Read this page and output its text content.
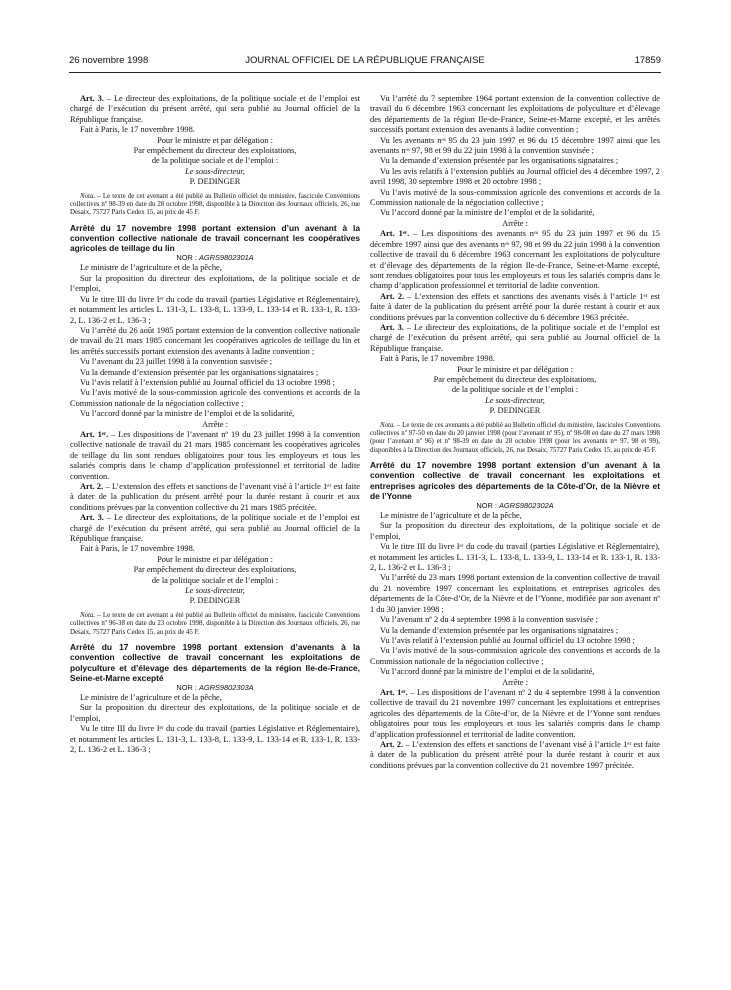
26 novembre 1998	JOURNAL OFFICIEL DE LA RÉPUBLIQUE FRANÇAISE	17859

Art. 3. – Le directeur des exploitations, de la politique sociale et de l’emploi est chargé de l’exécution du présent arrêté, qui sera publié au Journal officiel de la République française.

Fait à Paris, le 17 novembre 1998.

Pour le ministre et par délégation :

Par empêchement du directeur des exploitations,

de la politique sociale et de l’emploi :

Le sous-directeur,

P. DEDINGER

Nota. – Le texte de cet avenant a été publié au Bulletin officiel du ministère, fascicule Conventions collectives nº 98-39 en date du 28 octobre 1998, disponible à la Direction des Journaux officiels, 26, rue Desaix, 75727 Paris Cedex 15, au prix de 45 F.

Arrêté du 17 novembre 1998 portant extension d’un avenant à la convention collective nationale de travail concernant les coopératives agricoles de teillage du lin

NOR : AGRS9802301A

Le ministre de l’agriculture et de la pêche,

Sur la proposition du directeur des exploitations, de la politique sociale et de l’emploi,

Vu le titre III du livre Iᵉʳ du code du travail (parties Législative et Réglementaire), et notamment les articles L. 131-3, L. 133-8, L. 133-9, L. 133-14 et R. 133-1, R. 133-2, L. 136-2 et L. 136-3 ;

Vu l’arrêté du 26 août 1985 portant extension de la convention collective nationale de travail du 21 mars 1985 concernant les coopératives agricoles de teillage du lin et les arrêtés successifs portant extension des avenants à ladite convention ;

Vu l’avenant du 23 juillet 1998 à la convention susvisée ;

Vu la demande d’extension présentée par les organisations signataires ;

Vu l’avis relatif à l’extension publié au Journal officiel du 13 octobre 1998 ;

Vu l’avis motivé de la sous-commission agricole des conventions et accords de la Commission nationale de la négociation collective ;

Vu l’accord donné par la ministre de l’emploi et de la solidarité,

Arrête :

Art. 1ᵉʳ. – Les dispositions de l’avenant nº 19 du 23 juillet 1998 à la convention collective nationale de travail du 21 mars 1985 concernant les coopératives agricoles de teillage du lin sont rendues obligatoires pour tous les employeurs et tous les salariés compris dans le champ d’application professionnel et territorial de ladite convention.

Art. 2. – L’extension des effets et sanctions de l’avenant visé à l’article 1ᵉʳ est faite à dater de la publication du présent arrêté pour la durée restant à courir et aux conditions prévues par la convention collective du 21 mars 1985 précitée.

Art. 3. – Le directeur des exploitations, de la politique sociale et de l’emploi est chargé de l’exécution du présent arrêté, qui sera publié au Journal officiel de la République française.

Fait à Paris, le 17 novembre 1998.

Pour le ministre et par délégation :

Par empêchement du directeur des exploitations,

de la politique sociale et de l’emploi :

Le sous-directeur,

P. DEDINGER

Nota. – Le texte de cet avenant a été publié au Bulletin officiel du ministère, fascicule Conventions collectives nº 96-38 en date du 23 octobre 1998, disponible à la Direction des Journaux officiels, 26, rue Desaix, 75727 Paris Cedex 15, au prix de 45 F.

Arrêté du 17 novembre 1998 portant extension d’avenants à la convention collective de travail concernant les exploitations de polyculture et d’élevage des départements de la région Ile-de-France, Seine-et-Marne excepté

NOR : AGRS9802303A

Le ministre de l’agriculture et de la pêche,

Sur la proposition du directeur des exploitations, de la politique sociale et de l’emploi,

Vu le titre III du livre Iᵉʳ du code du travail (parties Législative et Réglementaire), et notamment les articles L. 131-3, L. 133-8, L. 133-9, L. 133-14 et R. 133-1, R. 133-2, L. 136-2 et L. 136-3 ;

Vu l’arrêté du 7 septembre 1964 portant extension de la convention collective de travail du 6 décembre 1963 concernant les exploitations de polyculture et d’élevage des départements de la région Ile-de-France, Seine-et-Marne excepté, et les arrêtés successifs portant extension des avenants à ladite convention ;

Vu les avenants nᵒˢ 95 du 23 juin 1997 et 96 du 15 décembre 1997 ainsi que les avenants nᵒˢ 97, 98 et 99 du 22 juin 1998 à la convention susvisée ;

Vu la demande d’extension présentée par les organisations signataires ;

Vu les avis relatifs à l’extension publiés au Journal officiel des 4 décembre 1997, 2 avril 1998, 30 septembre 1998 et 20 octobre 1998 ;

Vu l’avis motivé de la sous-commission agricole des conventions et accords de la Commission nationale de la négociation collective ;

Vu l’accord donné par la ministre de l’emploi et de la solidarité,

Arrête :

Art. 1ᵉʳ. – Les dispositions des avenants nᵒˢ 95 du 23 juin 1997 et 96 du 15 décembre 1997 ainsi que des avenants nᵒˢ 97, 98 et 99 du 22 juin 1998 à la convention collective de travail du 6 décembre 1963 concernant les exploitations de polyculture et d’élevage des départements de la région Ile-de-France, Seine-et-Marne excepté, sont rendues obligatoires pour tous les employeurs et tous les salariés compris dans le champ d’application professionnel et territorial de ladite convention.

Art. 2. – L’extension des effets et sanctions des avenants visés à l’article 1ᵉʳ est faite à dater de la publication du présent arrêté pour la durée restant à courir et aux conditions prévues par la convention collective du 6 décembre 1963 précitée.

Art. 3. – Le directeur des exploitations, de la politique sociale et de l’emploi est chargé de l’exécution du présent arrêté, qui sera publié au Journal officiel de la République française.

Fait à Paris, le 17 novembre 1998.

Pour le ministre et par délégation :

Par empêchement du directeur des exploitations,

de la politique sociale et de l’emploi :

Le sous-directeur,

P. DEDINGER

Nota. – Le texte de ces avenants a été publié au Bulletin officiel du ministère, fascicules Conventions collectives nº 97-50 en date du 20 janvier 1998 (pour l’avenant nº 95), nº 98-08 en date du 27 mars 1998 (pour l’avenant nº 96) et nº 98-39 en date du 28 octobre 1998 (pour les avenants nᵒˢ 97, 98 et 99), disponibles à la Direction des Journaux officiels, 26, rue Desaix, 75727 Paris Cedex 15, au prix de 45 F.

Arrêté du 17 novembre 1998 portant extension d’un avenant à la convention collective de travail concernant les exploitations et entreprises agricoles des départements de la Côte-d’Or, de la Nièvre et de l’Yonne

NOR : AGRS9802302A

Le ministre de l’agriculture et de la pêche,

Sur la proposition du directeur des exploitations, de la politique sociale et de l’emploi,

Vu le titre III du livre Iᵉʳ du code du travail (parties Législative et Réglementaire), et notamment les articles L. 131-3, L. 133-8, L. 133-9, L. 133-14 et R. 133-1, R. 133-2, L. 136-2 et L. 136-3 ;

Vu l’arrêté du 23 mars 1998 portant extension de la convention collective de travail du 21 novembre 1997 concernant les exploitations et entreprises agricoles des départements de la Côte-d’Or, de la Nièvre et de l’Yonne, modifiée par son avenant nº 1 du 30 janvier 1998 ;

Vu l’avenant nº 2 du 4 septembre 1998 à la convention susvisée ;

Vu la demande d’extension présentée par les organisations signataires ;

Vu l’avis relatif à l’extension publié au Journal officiel du 13 octobre 1998 ;

Vu l’avis motivé de la sous-commission agricole des conventions et accords de la Commission nationale de la négociation collective ;

Vu l’accord donné par la ministre de l’emploi et de la solidarité,

Arrête :

Art. 1ᵉʳ. – Les dispositions de l’avenant nº 2 du 4 septembre 1998 à la convention collective de travail du 21 novembre 1997 concernant les exploitations et entreprises agricoles des départements de la Côte-d’or, de la Nièvre et de l’Yonne sont rendues obligatoires pour tous les employeurs et tous les salariés compris dans le champ d’application professionnel et territorial de ladite convention.

Art. 2. – L’extension des effets et sanctions de l’avenant visé à l’article 1ᵉʳ est faite à dater de la publication du présent arrêté pour la durée restant à courir et aux conditions prévues par la convention collective du 21 novembre 1997 précitée.
